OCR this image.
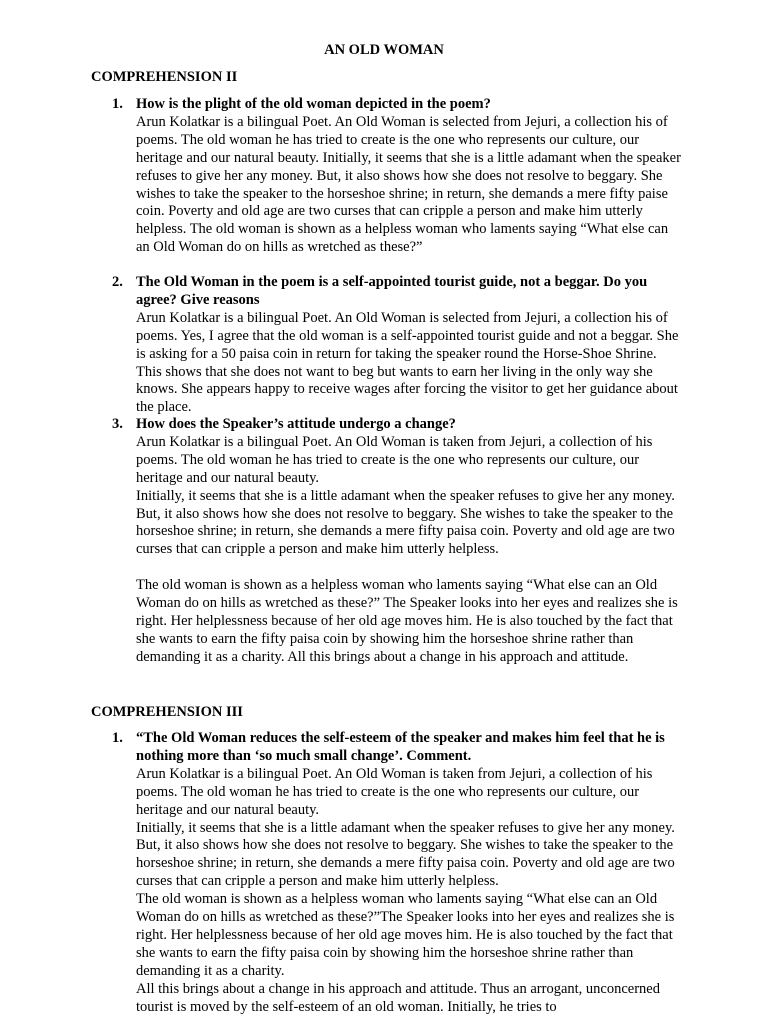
AN OLD WOMAN
COMPREHENSION II
1. How is the plight of the old woman depicted in the poem?

Arun Kolatkar is a bilingual Poet. An Old Woman is selected from Jejuri, a collection his of poems. The old woman he has tried to create is the one who represents our culture, our heritage and our natural beauty. Initially, it seems that she is a little adamant when the speaker refuses to give her any money. But, it also shows how she does not resolve to beggary. She wishes to take the speaker to the horseshoe shrine; in return, she demands a mere fifty paise coin. Poverty and old age are two curses that can cripple a person and make him utterly helpless. The old woman is shown as a helpless woman who laments saying “What else can an Old Woman do on hills as wretched as these?”

2. The Old Woman in the poem is a self-appointed tourist guide, not a beggar. Do you agree? Give reasons

Arun Kolatkar is a bilingual Poet. An Old Woman is selected from Jejuri, a collection his of poems. Yes, I agree that the old woman is a self-appointed tourist guide and not a beggar. She is asking for a 50 paisa coin in return for taking the speaker round the Horse-Shoe Shrine. This shows that she does not want to beg but wants to earn her living in the only way she knows. She appears happy to receive wages after forcing the visitor to get her guidance about the place.

3. How does the Speaker’s attitude undergo a change?

Arun Kolatkar is a bilingual Poet. An Old Woman is taken from Jejuri, a collection of his poems. The old woman he has tried to create is the one who represents our culture, our heritage and our natural beauty.

Initially, it seems that she is a little adamant when the speaker refuses to give her any money. But, it also shows how she does not resolve to beggary. She wishes to take the speaker to the horseshoe shrine; in return, she demands a mere fifty paisa coin. Poverty and old age are two curses that can cripple a person and make him utterly helpless.

The old woman is shown as a helpless woman who laments saying “What else can an Old Woman do on hills as wretched as these?” The Speaker looks into her eyes and realizes she is right. Her helplessness because of her old age moves him. He is also touched by the fact that she wants to earn the fifty paisa coin by showing him the horseshoe shrine rather than demanding it as a charity. All this brings about a change in his approach and attitude.

COMPREHENSION III
1. “The Old Woman reduces the self-esteem of the speaker and makes him feel that he is nothing more than ‘so much small change’. Comment.

Arun Kolatkar is a bilingual Poet. An Old Woman is taken from Jejuri, a collection of his poems. The old woman he has tried to create is the one who represents our culture, our heritage and our natural beauty.

Initially, it seems that she is a little adamant when the speaker refuses to give her any money. But, it also shows how she does not resolve to beggary. She wishes to take the speaker to the horseshoe shrine; in return, she demands a mere fifty paisa coin. Poverty and old age are two curses that can cripple a person and make him utterly helpless.

The old woman is shown as a helpless woman who laments saying “What else can an Old Woman do on hills as wretched as these?”The Speaker looks into her eyes and realizes she is right. Her helplessness because of her old age moves him. He is also touched by the fact that she wants to earn the fifty paisa coin by showing him the horseshoe shrine rather than demanding it as a charity.

All this brings about a change in his approach and attitude. Thus an arrogant, unconcerned tourist is moved by the self-esteem of an old woman. Initially, he tries to
